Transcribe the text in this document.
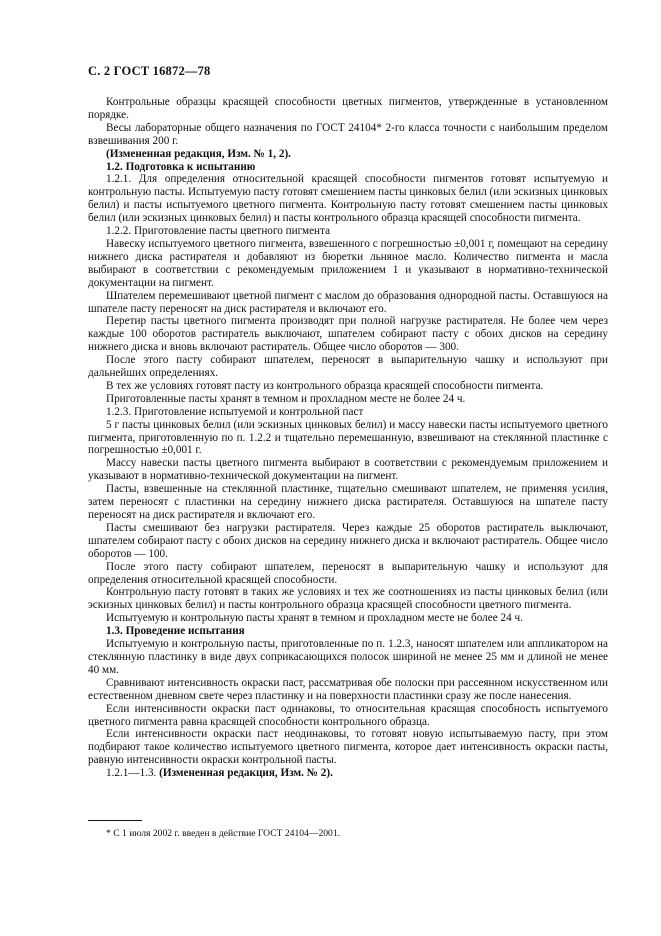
С. 2 ГОСТ 16872—78

Контрольные образцы красящей способности цветных пигментов, утвержденные в установленном порядке.

Весы лабораторные общего назначения по ГОСТ 24104* 2-го класса точности с наибольшим пределом взвешивания 200 г.

(Измененная редакция, Изм. № 1, 2).

1.2. Подготовка к испытанию

1.2.1. Для определения относительной красящей способности пигментов готовят испытуемую и контрольную пасты. Испытуемую пасту готовят смешением пасты цинковых белил (или эскизных цинковых белил) и пасты испытуемого цветного пигмента. Контрольную пасту готовят смешением пасты цинковых белил (или эскизных цинковых белил) и пасты контрольного образца красящей способности пигмента.

1.2.2. Приготовление пасты цветного пигмента

Навеску испытуемого цветного пигмента, взвешенного с погрешностью ±0,001 г, помещают на середину нижнего диска растирателя и добавляют из бюретки льняное масло. Количество пигмента и масла выбирают в соответствии с рекомендуемым приложением 1 и указывают в нормативно-технической документации на пигмент.

Шпателем перемешивают цветной пигмент с маслом до образования однородной пасты. Оставшуюся на шпателе пасту переносят на диск растирателя и включают его.

Перетир пасты цветного пигмента производят при полной нагрузке растирателя. Не более чем через каждые 100 оборотов растиратель выключают, шпателем собирают пасту с обоих дисков на середину нижнего диска и вновь включают растиратель. Общее число оборотов — 300.

После этого пасту собирают шпателем, переносят в выпарительную чашку и используют при дальнейших определениях.

В тех же условиях готовят пасту из контрольного образца красящей способности пигмента.

Приготовленные пасты хранят в темном и прохладном месте не более 24 ч.

1.2.3. Приготовление испытуемой и контрольной паст

5 г пасты цинковых белил (или эскизных цинковых белил) и массу навески пасты испытуемого цветного пигмента, приготовленную по п. 1.2.2 и тщательно перемешанную, взвешивают на стеклянной пластинке с погрешностью ±0,001 г.

Массу навески пасты цветного пигмента выбирают в соответствии с рекомендуемым приложением и указывают в нормативно-технической документации на пигмент.

Пасты, взвешенные на стеклянной пластинке, тщательно смешивают шпателем, не применяя усилия, затем переносят с пластинки на середину нижнего диска растирателя. Оставшуюся на шпателе пасту переносят на диск растирателя и включают его.

Пасты смешивают без нагрузки растирателя. Через каждые 25 оборотов растиратель выключают, шпателем собирают пасту с обоих дисков на середину нижнего диска и включают растиратель. Общее число оборотов — 100.

После этого пасту собирают шпателем, переносят в выпарительную чашку и используют для определения относительной красящей способности.

Контрольную пасту готовят в таких же условиях и тех же соотношениях из пасты цинковых белил (или эскизных цинковых белил) и пасты контрольного образца красящей способности цветного пигмента.

Испытуемую и контрольную пасты хранят в темном и прохладном месте не более 24 ч.

1.3. Проведение испытания

Испытуемую и контрольную пасты, приготовленные по п. 1.2.3, наносят шпателем или аппликатором на стеклянную пластинку в виде двух соприкасающихся полосок шириной не менее 25 мм и длиной не менее 40 мм.

Сравнивают интенсивность окраски паст, рассматривая обе полоски при рассеянном искусственном или естественном дневном свете через пластинку и на поверхности пластинки сразу же после нанесения.

Если интенсивности окраски паст одинаковы, то относительная красящая способность испытуемого цветного пигмента равна красящей способности контрольного образца.

Если интенсивности окраски паст неодинаковы, то готовят новую испытываемую пасту, при этом подбирают такое количество испытуемого цветного пигмента, которое дает интенсивность окраски пасты, равную интенсивности окраски контрольной пасты.

1.2.1—1.3. (Измененная редакция, Изм. № 2).

* С 1 июля 2002 г. введен в действие ГОСТ 24104—2001.
